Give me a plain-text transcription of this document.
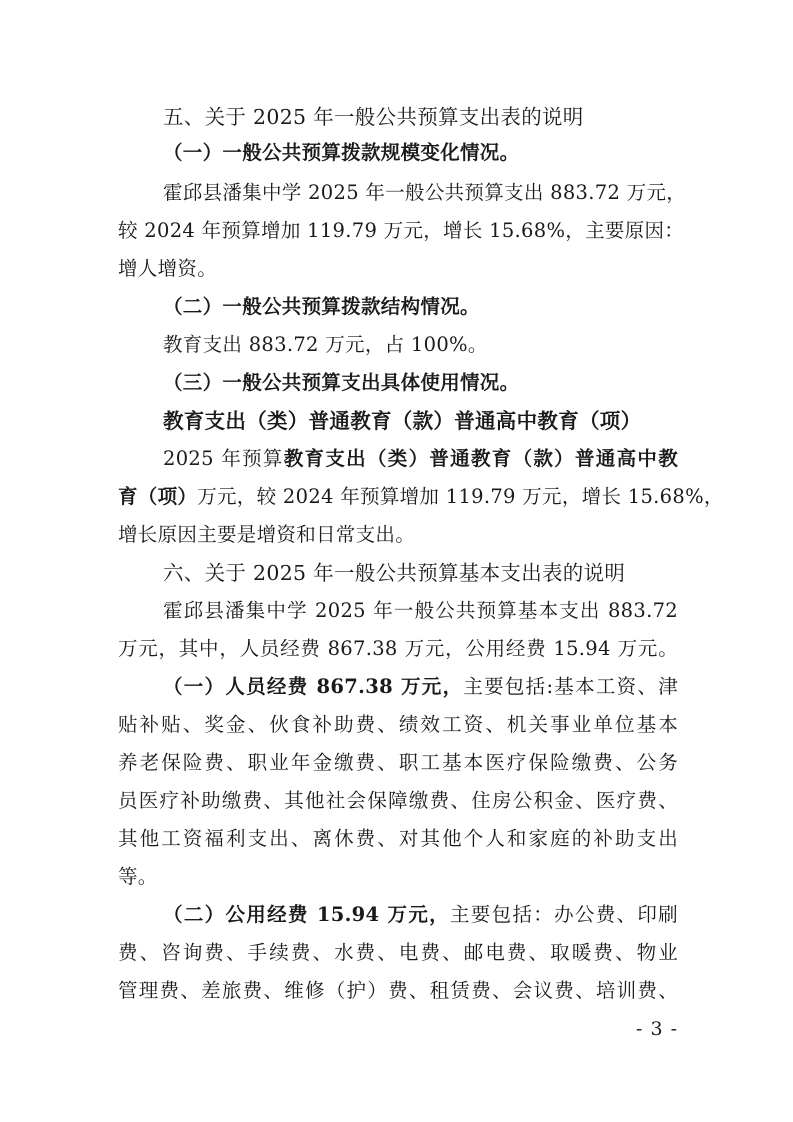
五、关于 2025 年一般公共预算支出表的说明
（一）一般公共预算拨款规模变化情况。
霍邱县潘集中学 2025 年一般公共预算支出 883.72 万元，
较 2024 年预算增加 119.79 万元，增长 15.68%，主要原因：
增人增资。
（二）一般公共预算拨款结构情况。
教育支出 883.72 万元，占 100%。
（三）一般公共预算支出具体使用情况。
教育支出（类）普通教育（款）普通高中教育（项）
2025 年预算教育支出（类）普通教育（款）普通高中教
育（项）万元，较 2024 年预算增加 119.79 万元，增长 15.68%，
增长原因主要是增资和日常支出。
六、关于 2025 年一般公共预算基本支出表的说明
霍邱县潘集中学 2025 年一般公共预算基本支出 883.72
万元，其中，人员经费 867.38 万元，公用经费 15.94 万元。
（一）人员经费 867.38 万元，主要包括:基本工资、津
贴补贴、奖金、伙食补助费、绩效工资、机关事业单位基本
养老保险费、职业年金缴费、职工基本医疗保险缴费、公务
员医疗补助缴费、其他社会保障缴费、住房公积金、医疗费、
其他工资福利支出、离休费、对其他个人和家庭的补助支出
等。
（二）公用经费 15.94 万元，主要包括：办公费、印刷
费、咨询费、手续费、水费、电费、邮电费、取暖费、物业
管理费、差旅费、维修（护）费、租赁费、会议费、培训费、
- 3 -
